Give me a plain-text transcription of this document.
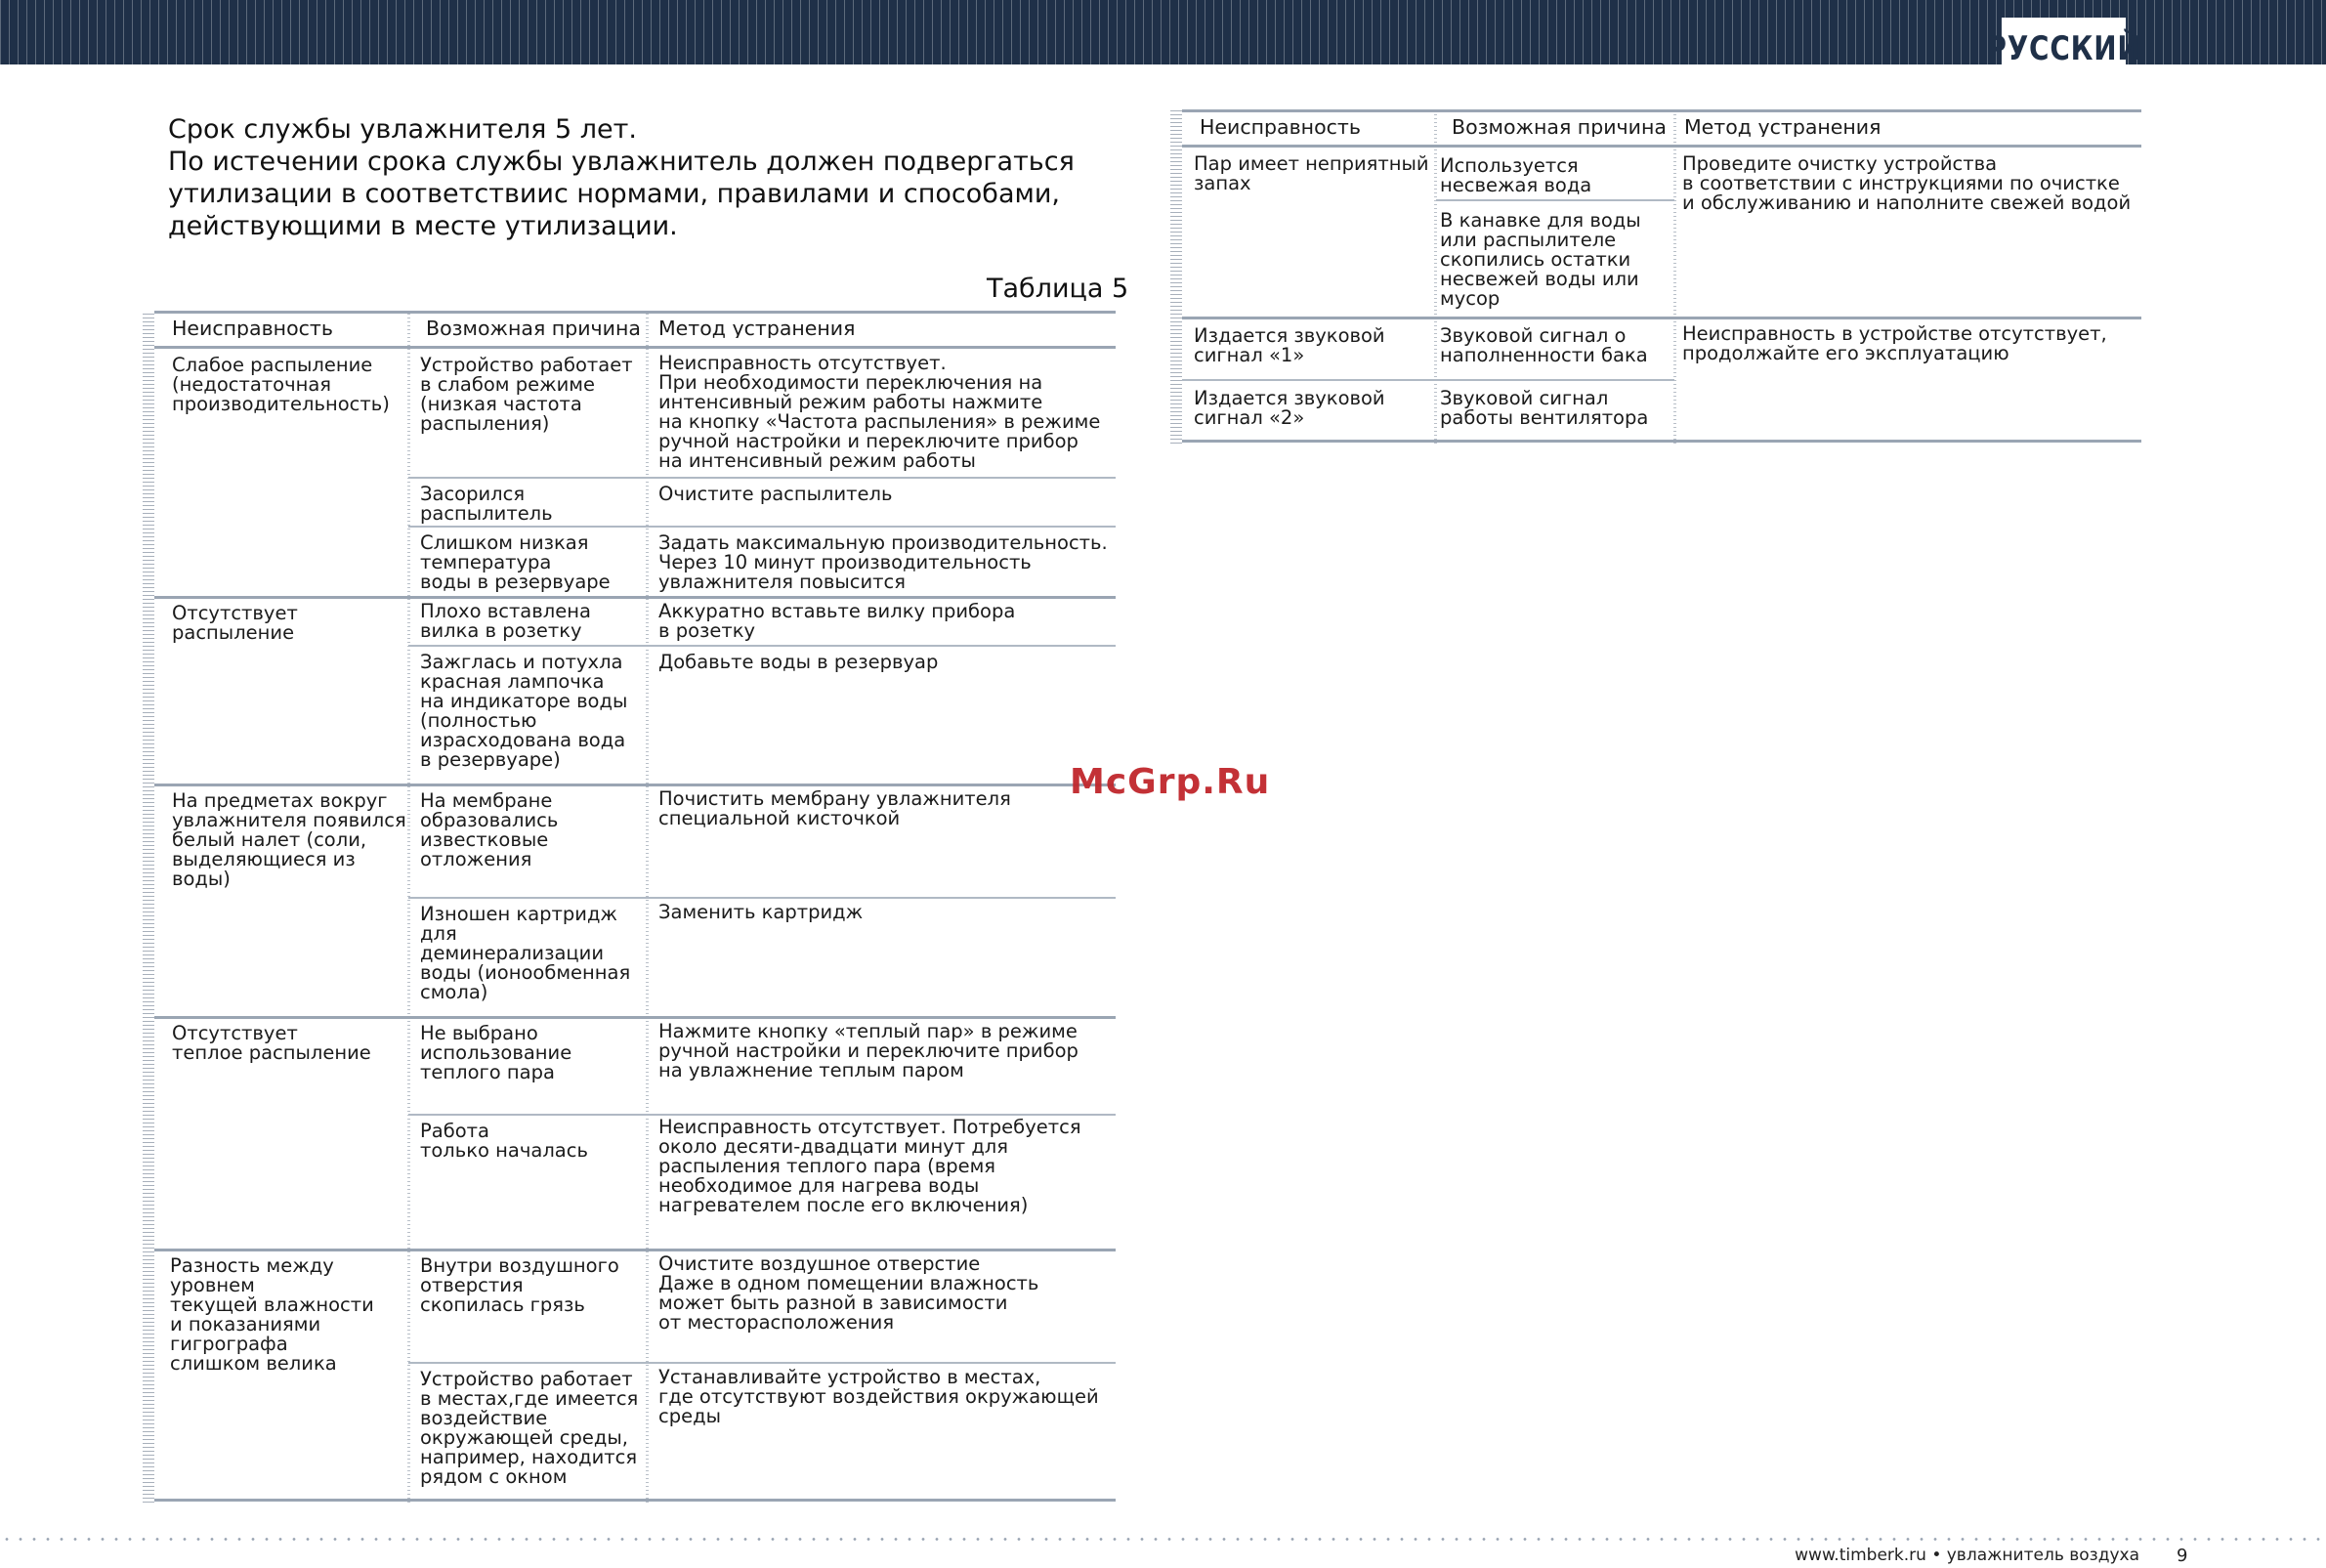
РУССКИЙ
Срок службы увлажнителя 5 лет.
По истечении срока службы увлажнитель должен подвергаться
утилизации в соответствиис нормами, правилами и способами,
действующими в месте утилизации.
Таблица 5
Неисправность	Возможная причина Метод устранения
Слабое распыление
(недостаточная
производительность)
Устройство работает
в слабом режиме
(низкая частота
распыления)
Неисправность отсутствует.
При необходимости переключения на
интенсивный режим работы нажмите
на кнопку «Частота распыления» в режиме
ручной настройки и переключите прибор
на интенсивный режим работы
Засорился
распылитель
Очистите распылитель
Слишком низкая
температура
воды в резервуаре
Задать максимальную производительность.
Через 10 минут производительность
увлажнителя повысится
Отсутствует
распыление
Плохо вставлена
вилка в розетку
Аккуратно вставьте вилку прибора
в розетку
Зажглась и потухла
красная лампочка
на индикаторе воды
(полностью
израсходована вода
в резервуаре)
Добавьте воды в резервуар
На предметах вокруг
увлажнителя появился
белый налет (соли,
выделяющиеся из
воды)
На мембране
образовались
известковые
отложения
Почистить мембрану увлажнителя
специальной кисточкой
Изношен картридж
для деминерализации
воды (ионообменная
смола)
Заменить картридж
Отсутствует
теплое распыление
Не выбрано
использование
теплого пара
Нажмите кнопку «теплый пар» в режиме
ручной настройки и переключите прибор
на увлажнение теплым паром
Работа
только началась
Неисправность отсутствует. Потребуется
около десяти-двадцати минут для
распыления теплого пара (время
необходимое для нагрева воды
нагревателем после его включения)
Разность между
уровнем
текущей влажности
и показаниями
гигрографа
слишком велика
Внутри воздушного
отверстия
скопилась грязь
Очистите воздушное отверстие
Даже в одном помещении влажность
может быть разной в зависимости
от месторасположения
Устройство работает
в местах,где имеется
воздействие
окружающей среды,
например, находится
рядом с окном
Устанавливайте устройство в местах,
где отсутствуют воздействия окружающей
среды
Неисправность	Возможная причина Метод устранения
Пар имеет неприятный
запах
Используется
несвежая вода
В канавке для воды
или распылителе
скопились остатки
несвежей воды или
мусор
Проведите очистку устройства
в соответствии с инструкциями по очистке
и обслуживанию и наполните свежей водой
Издается звуковой
сигнал «1»
Звуковой сигнал о
наполненности бака
Неисправность в устройстве отсутствует,
продолжайте его эксплуатацию
Издается звуковой
сигнал «2»
Звуковой сигнал
работы вентилятора
McGrp.Ru
www.timberk.ru • увлажнитель воздуха 9
